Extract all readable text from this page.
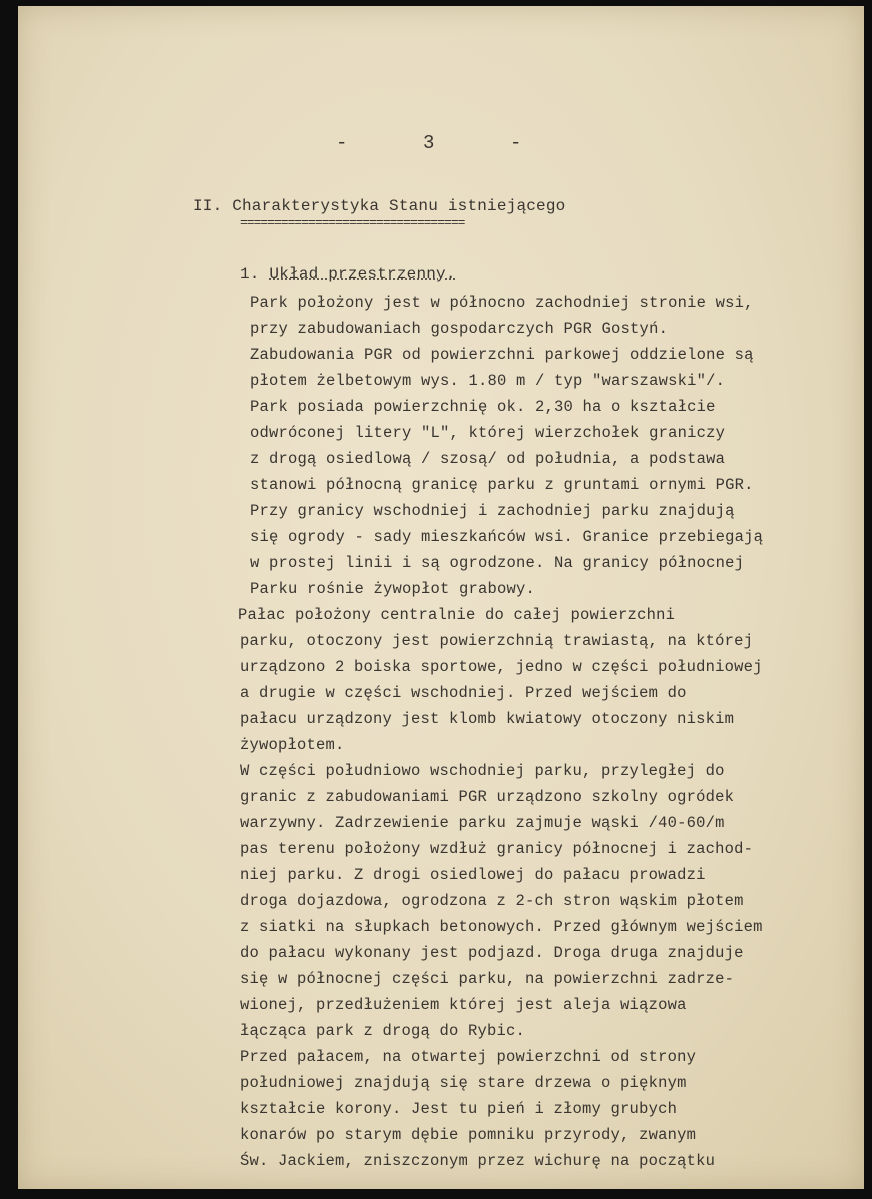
-    3    -

II. Charakterystyka Stanu istniejącego

=================================

1. Układ przestrzenny.

Park położony jest w północno zachodniej stronie wsi,

przy zabudowaniach gospodarczych PGR Gostyń.

Zabudowania PGR od powierzchni parkowej oddzielone są

płotem żelbetowym wys. 1.80 m / typ "warszawski"/.

Park posiada powierzchnię ok. 2,30 ha o kształcie

odwróconej litery "L", której wierzchołek graniczy

z drogą osiedlową / szosą/ od południa, a podstawa

stanowi północną granicę parku z gruntami ornymi PGR.

Przy granicy wschodniej i zachodniej parku znajdują

się ogrody - sady mieszkańców wsi. Granice przebiegają

w prostej linii i są ogrodzone. Na granicy północnej

Parku rośnie żywopłot grabowy.

Pałac położony centralnie do całej powierzchni

parku, otoczony jest powierzchnią trawiastą, na której

urządzono 2 boiska sportowe, jedno w części południowej

a drugie w części wschodniej. Przed wejściem do

pałacu urządzony jest klomb kwiatowy otoczony niskim

żywopłotem.

W części południowo wschodniej parku, przyległej do

granic z zabudowaniami PGR urządzono szkolny ogródek

warzywny. Zadrzewienie parku zajmuje wąski /40-60/m

pas terenu położony wzdłuż granicy północnej i zachod-

niej parku. Z drogi osiedlowej do pałacu prowadzi

droga dojazdowa, ogrodzona z 2-ch stron wąskim płotem

z siatki na słupkach betonowych. Przed głównym wejściem

do pałacu wykonany jest podjazd. Droga druga znajduje

się w północnej części parku, na powierzchni zadrze-

wionej, przedłużeniem której jest aleja wiązowa

łącząca park z drogą do Rybic.

Przed pałacem, na otwartej powierzchni od strony

południowej znajdują się stare drzewa o pięknym

kształcie korony. Jest tu pień i złomy grubych

konarów po starym dębie pomniku przyrody, zwanym

Św. Jackiem, zniszczonym przez wichurę na początku
